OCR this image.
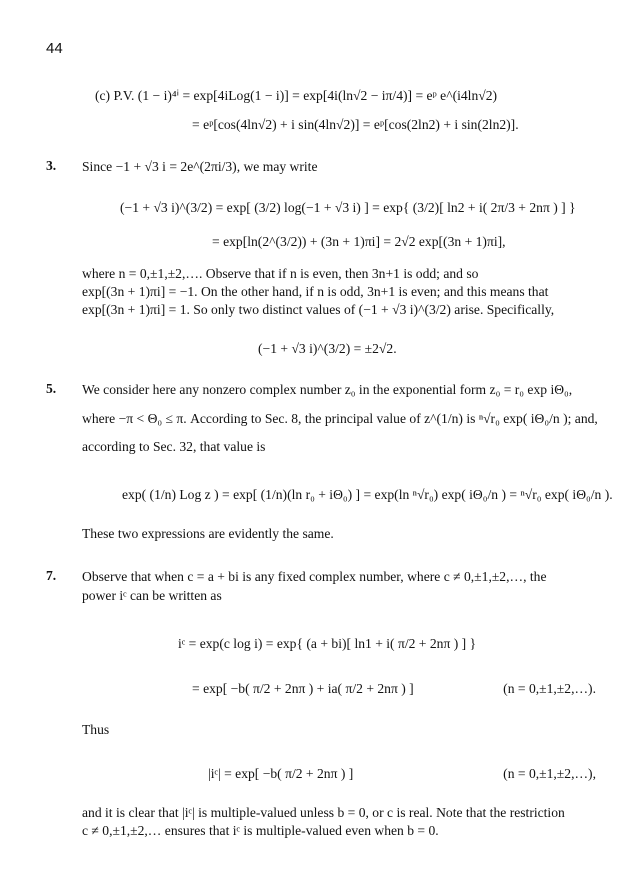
44
(c) P.V. (1 − i)⁴ⁱ = exp[4iLog(1 − i)] = exp[4i(ln√2 − iπ/4)] = eᵖ e^(i4ln√2)
= eᵖ[cos(4ln√2) + i sin(4ln√2)] = eᵖ[cos(2ln2) + i sin(2ln2)].
3. Since −1 + √3 i = 2e^(2πi/3), we may write
(−1 + √3 i)^(3/2) = exp[ (3/2) log(−1 + √3 i) ] = exp{ (3/2)[ ln2 + i( 2π/3 + 2nπ ) ] }
= exp[ln(2^(3/2)) + (3n + 1)πi] = 2√2 exp[(3n + 1)πi],
where n = 0,±1,±2,…. Observe that if n is even, then 3n+1 is odd; and so
exp[(3n + 1)πi] = −1. On the other hand, if n is odd, 3n+1 is even; and this means that
exp[(3n + 1)πi] = 1. So only two distinct values of (−1 + √3 i)^(3/2) arise. Specifically,
(−1 + √3 i)^(3/2) = ±2√2.
5. We consider here any nonzero complex number z₀ in the exponential form z₀ = r₀ exp iΘ₀,
where −π < Θ₀ ≤ π. According to Sec. 8, the principal value of z^(1/n) is ⁿ√r₀ exp( iΘ₀/n ); and,
according to Sec. 32, that value is
exp( (1/n) Log z ) = exp[ (1/n)(ln r₀ + iΘ₀) ] = exp(ln ⁿ√r₀) exp( iΘ₀/n ) = ⁿ√r₀ exp( iΘ₀/n ).
These two expressions are evidently the same.
7. Observe that when c = a + bi is any fixed complex number, where c ≠ 0,±1,±2,…, the
power iᶜ can be written as
iᶜ = exp(c log i) = exp{ (a + bi)[ ln1 + i( π/2 + 2nπ ) ] }
= exp[ −b( π/2 + 2nπ ) + ia( π/2 + 2nπ ) ]	(n = 0,±1,±2,…).
Thus
|iᶜ| = exp[ −b( π/2 + 2nπ ) ]	(n = 0,±1,±2,…),
and it is clear that |iᶜ| is multiple-valued unless b = 0, or c is real. Note that the restriction
c ≠ 0,±1,±2,… ensures that iᶜ is multiple-valued even when b = 0.
